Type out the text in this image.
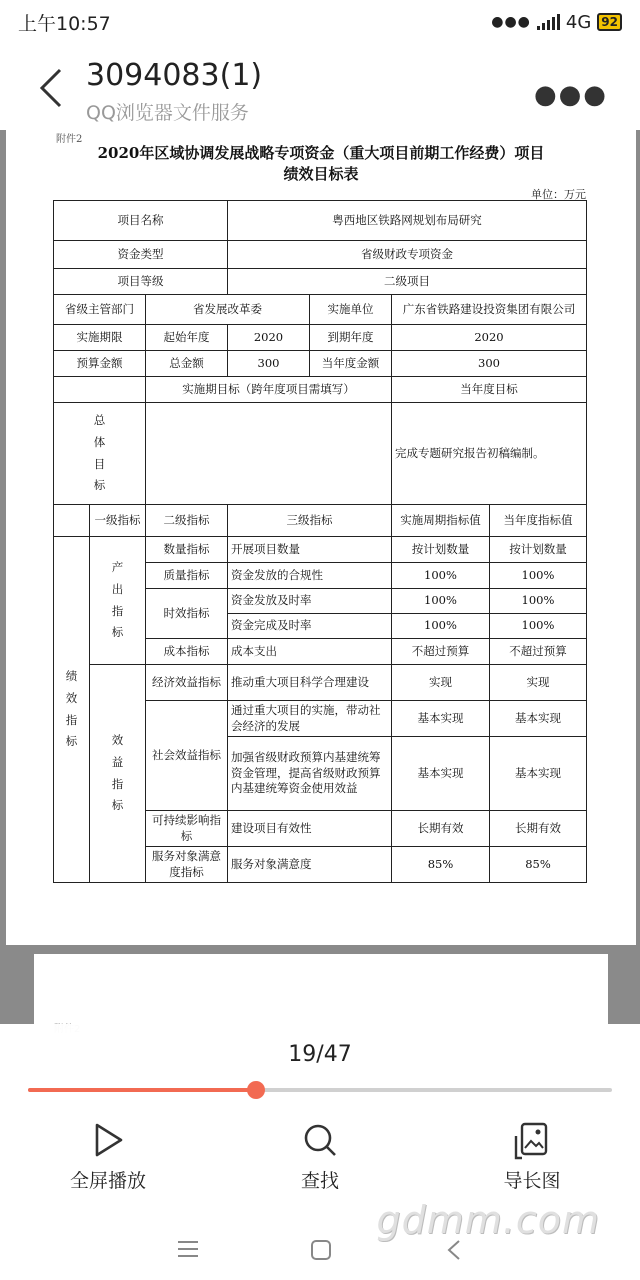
上午10:57	●●● 4G 92
3094083(1)
QQ浏览器文件服务
●●●
附件2
2020年区域协调发展战略专项资金（重大项目前期工作经费）项目
绩效目标表
单位：万元
项目名称			粤西地区铁路网规划布局研究			
资金类型			省级财政专项资金			
项目等级			二级项目			
省级主管部门		省发展改革委		实施单位	广东省铁路建设投资集团有限公司	
实施期限		起始年度	2020	到期年度	2020	
预算金额		总金额	300	当年度金额	300	
		实施期目标（跨年度项目需填写）			当年度目标	
总体目标					完成专题研究报告初稿编制。	
	一级指标	二级指标	三级指标		实施周期指标值	当年度指标值
绩效指标	产出指标	数量指标	开展项目数量		按计划数量	按计划数量
		质量指标	资金发放的合规性		100%	100%
		时效指标	资金发放及时率		100%	100%
			资金完成及时率		100%	100%
		成本指标	成本支出		不超过预算	不超过预算
	效益指标	经济效益指标	推动重大项目科学合理建设		实现	实现
		社会效益指标	通过重大项目的实施，带动社会经济的发展		基本实现	基本实现
			加强省级财政预算内基建统筹资金管理，提高省级财政预算内基建统筹资金使用效益		基本实现	基本实现
		可持续影响指标	建设项目有效性		长期有效	长期有效
		服务对象满意度指标	服务对象满意度		85%	85%
19/47
全屏播放	查找	导长图
gdmm.com
